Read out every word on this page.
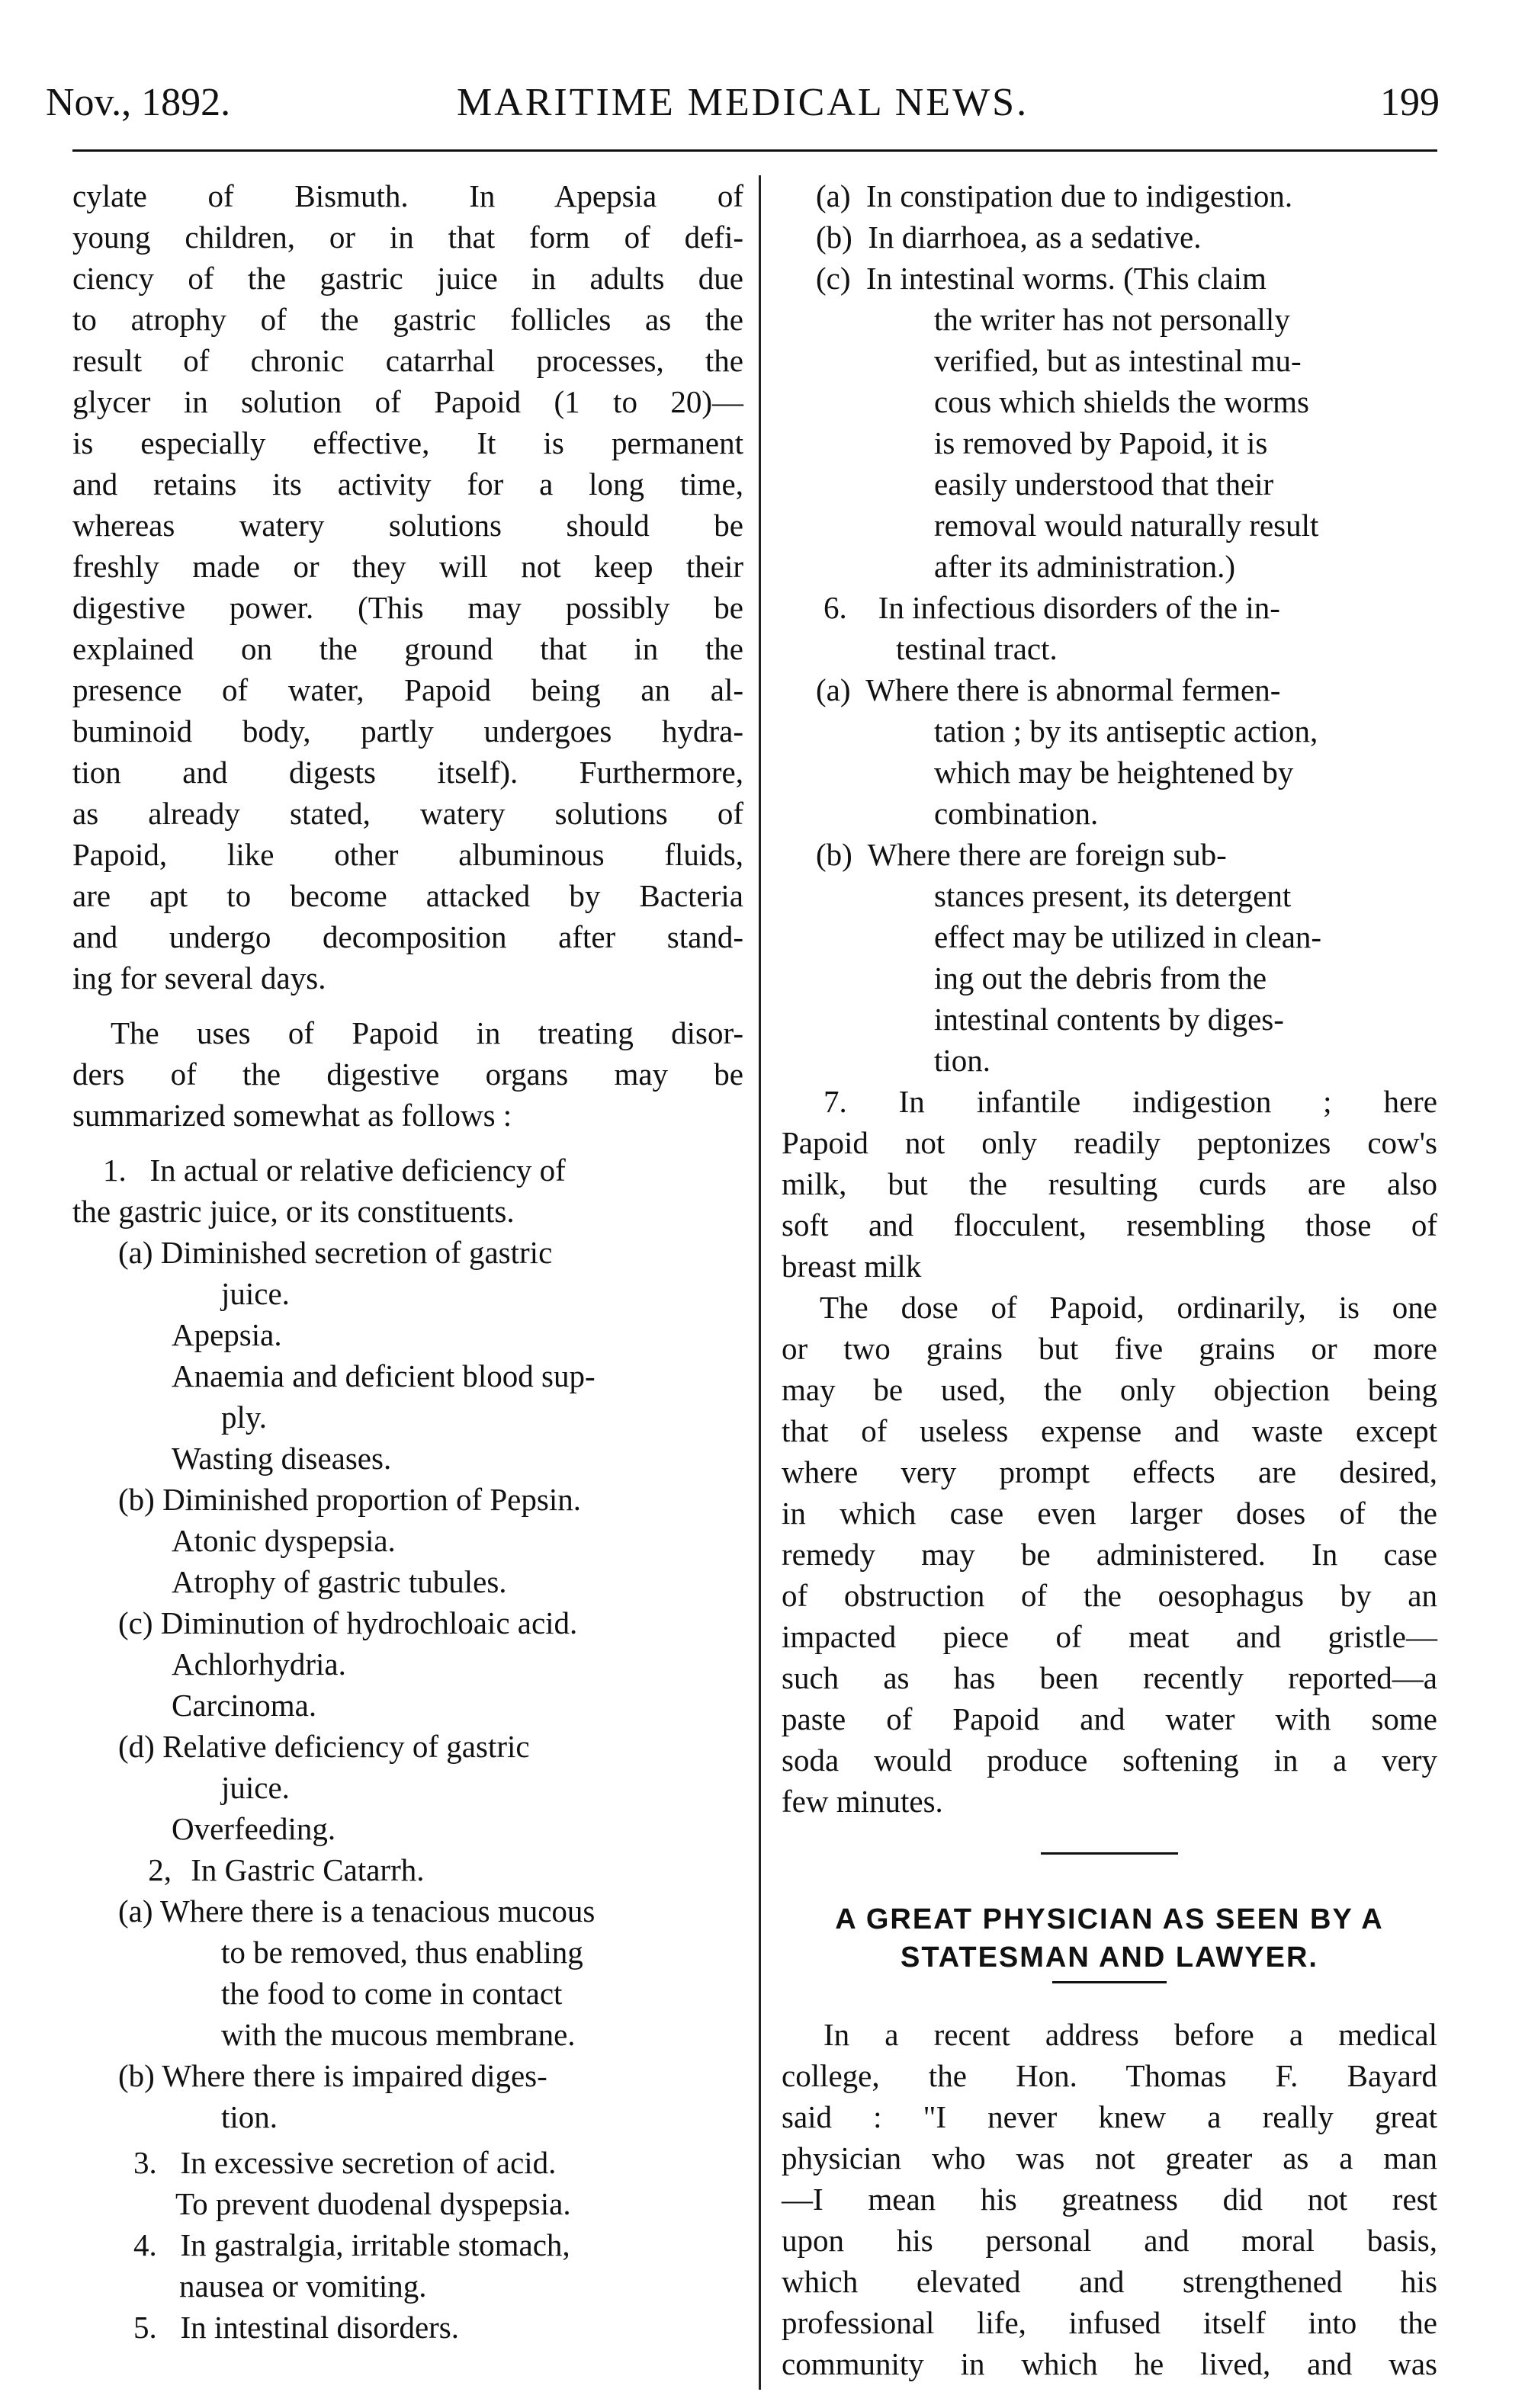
Nov., 1892.	MARITIME MEDICAL NEWS.	199
cylate of Bismuth. In Apepsia of
young children, or in that form of defi-
ciency of the gastric juice in adults due
to atrophy of the gastric follicles as the
result of chronic catarrhal processes, the
glycer in solution of Papoid (1 to 20)—
is especially effective, It is permanent
and retains its activity for a long time,
whereas watery solutions should be
freshly made or they will not keep their
digestive power. (This may possibly be
explained on the ground that in the
presence of water, Papoid being an al-
buminoid body, partly undergoes hydra-
tion and digests itself). Furthermore,
as already stated, watery solutions of
Papoid, like other albuminous fluids,
are apt to become attacked by Bacteria
and undergo decomposition after stand-
ing for several days.
The uses of Papoid in treating disor-
ders of the digestive organs may be
summarized somewhat as follows :
1. In actual or relative deficiency of
the gastric juice, or its constituents.
(a) Diminished secretion of gastric
juice.
Apepsia.
Anaemia and deficient blood sup-
ply.
Wasting diseases.
(b) Diminished proportion of Pepsin.
Atonic dyspepsia.
Atrophy of gastric tubules.
(c) Diminution of hydrochloaic acid.
Achlorhydria.
Carcinoma.
(d) Relative deficiency of gastric
juice.
Overfeeding.
2, In Gastric Catarrh.
(a) Where there is a tenacious mucous
to be removed, thus enabling
the food to come in contact
with the mucous membrane.
(b) Where there is impaired diges-
tion.
3. In excessive secretion of acid.
To prevent duodenal dyspepsia.
4. In gastralgia, irritable stomach,
nausea or vomiting.
5. In intestinal disorders.
(a) In constipation due to indigestion.
(b) In diarrhoea, as a sedative.
(c) In intestinal worms. (This claim
the writer has not personally
verified, but as intestinal mu-
cous which shields the worms
is removed by Papoid, it is
easily understood that their
removal would naturally result
after its administration.)
6. In infectious disorders of the in-
testinal tract.
(a) Where there is abnormal fermen-
tation ; by its antiseptic action,
which may be heightened by
combination.
(b) Where there are foreign sub-
stances present, its detergent
effect may be utilized in clean-
ing out the debris from the
intestinal contents by diges-
tion.
7. In infantile indigestion ; here
Papoid not only readily peptonizes cow's
milk, but the resulting curds are also
soft and flocculent, resembling those of
breast milk
The dose of Papoid, ordinarily, is one
or two grains but five grains or more
may be used, the only objection being
that of useless expense and waste except
where very prompt effects are desired,
in which case even larger doses of the
remedy may be administered. In case
of obstruction of the oesophagus by an
impacted piece of meat and gristle—
such as has been recently reported—a
paste of Papoid and water with some
soda would produce softening in a very
few minutes.
A GREAT PHYSICIAN AS SEEN BY A
STATESMAN AND LAWYER.
In a recent address before a medical
college, the Hon. Thomas F. Bayard
said : "I never knew a really great
physician who was not greater as a man
—I mean his greatness did not rest
upon his personal and moral basis,
which elevated and strengthened his
professional life, infused itself into the
community in which he lived, and was
